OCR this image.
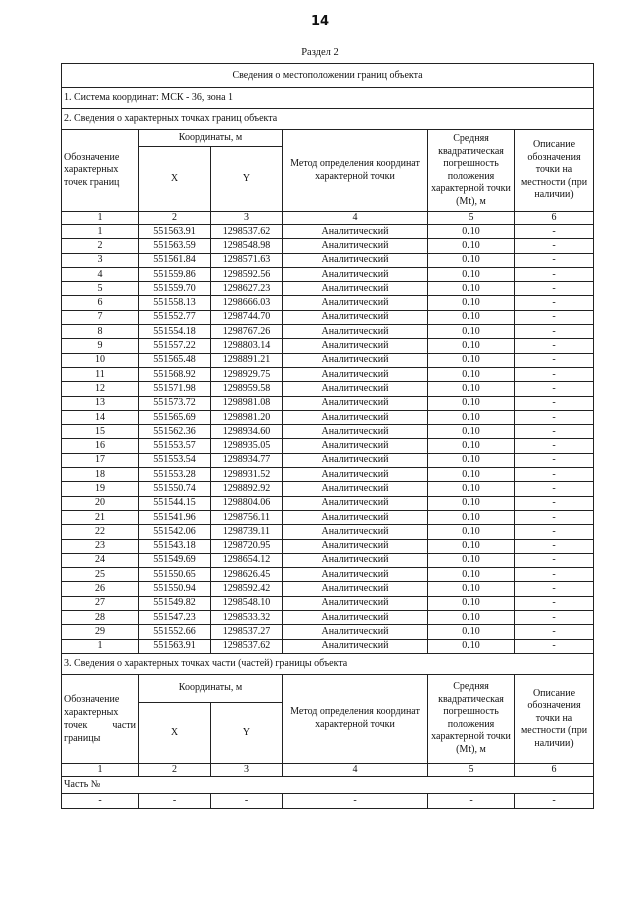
14
Раздел 2
Сведения о местоположении границ объекта					
1. Система координат: МСК - 36, зона 1					
2. Сведения о характерных точках границ объекта					
Обозначение характерных точек границ	Координаты, м		Метод определения координат характерной точки	Средняя квадратическая погрешность положения характерной точки (Mt), м	Описание обозначения точки на местности (при наличии)
	X	Y			
1	2	3	4	5	6
1	551563.91	1298537.62	Аналитический	0.10	-
2	551563.59	1298548.98	Аналитический	0.10	-
3	551561.84	1298571.63	Аналитический	0.10	-
4	551559.86	1298592.56	Аналитический	0.10	-
5	551559.70	1298627.23	Аналитический	0.10	-
6	551558.13	1298666.03	Аналитический	0.10	-
7	551552.77	1298744.70	Аналитический	0.10	-
8	551554.18	1298767.26	Аналитический	0.10	-
9	551557.22	1298803.14	Аналитический	0.10	-
10	551565.48	1298891.21	Аналитический	0.10	-
11	551568.92	1298929.75	Аналитический	0.10	-
12	551571.98	1298959.58	Аналитический	0.10	-
13	551573.72	1298981.08	Аналитический	0.10	-
14	551565.69	1298981.20	Аналитический	0.10	-
15	551562.36	1298934.60	Аналитический	0.10	-
16	551553.57	1298935.05	Аналитический	0.10	-
17	551553.54	1298934.77	Аналитический	0.10	-
18	551553.28	1298931.52	Аналитический	0.10	-
19	551550.74	1298892.92	Аналитический	0.10	-
20	551544.15	1298804.06	Аналитический	0.10	-
21	551541.96	1298756.11	Аналитический	0.10	-
22	551542.06	1298739.11	Аналитический	0.10	-
23	551543.18	1298720.95	Аналитический	0.10	-
24	551549.69	1298654.12	Аналитический	0.10	-
25	551550.65	1298626.45	Аналитический	0.10	-
26	551550.94	1298592.42	Аналитический	0.10	-
27	551549.82	1298548.10	Аналитический	0.10	-
28	551547.23	1298533.32	Аналитический	0.10	-
29	551552.66	1298537.27	Аналитический	0.10	-
1	551563.91	1298537.62	Аналитический	0.10	-
3. Сведения о характерных точках части (частей) границы объекта					
Обозначение характерных точек части границы	Координаты, м		Метод определения координат характерной точки	Средняя квадратическая погрешность положения характерной точки (Mt), м	Описание обозначения точки на местности (при наличии)
	X	Y			
1	2	3	4	5	6
Часть №					
-	-	-	-	-	-
